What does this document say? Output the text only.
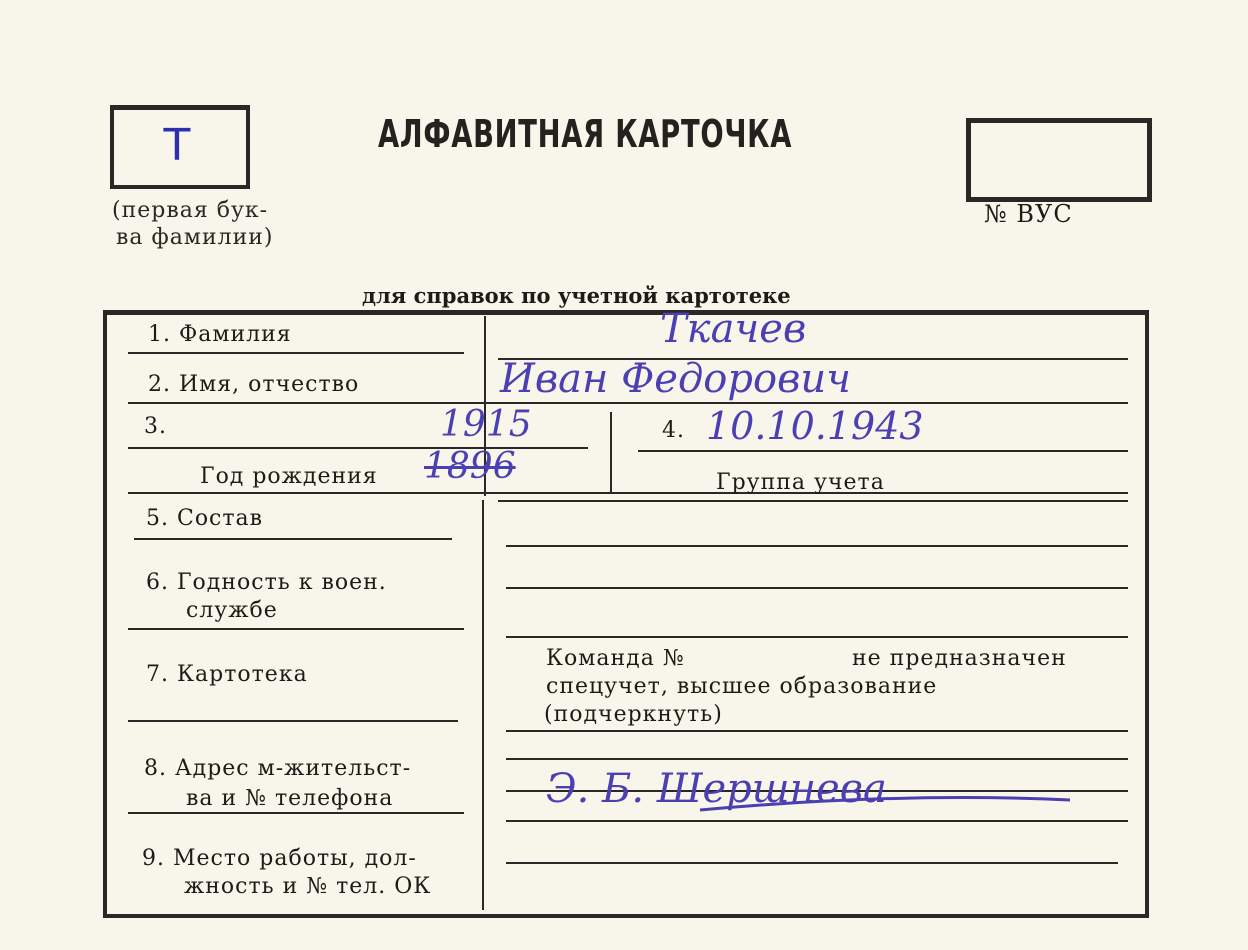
Т
(первая бук-
ва фамилии)
АЛФАВИТНАЯ КАРТОЧКА
№ ВУС
для справок по учетной картотеке
1. Фамилия
2. Имя, отчество
3.
Год рождения
4.
Группа учета
5. Состав
6. Годность к воен.
службе
7. Картотека
8. Адрес м-жительст-
ва и № телефона
9. Место работы, дол-
жность и № тел. ОК
Команда №	не предназначен
спецучет, высшее образование
(подчеркнуть)
Ткачев
Иван Федорович
1915
1896
10.10.1943
Э. Б. Шершнева
